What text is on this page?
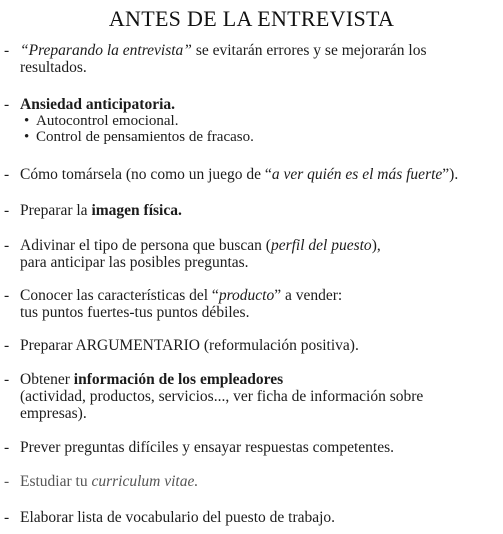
ANTES DE LA ENTREVISTA
- “Preparando la entrevista” se evitarán errores y se mejorarán los
resultados.
- Ansiedad anticipatoria.
• Autocontrol emocional.
• Control de pensamientos de fracaso.
- Cómo tomársela (no como un juego de “a ver quién es el más fuerte”).
- Preparar la imagen física.
- Adivinar el tipo de persona que buscan (perfil del puesto),
para anticipar las posibles preguntas.
- Conocer las características del “producto” a vender:
tus puntos fuertes-tus puntos débiles.
- Preparar ARGUMENTARIO (reformulación positiva).
- Obtener información de los empleadores
(actividad, productos, servicios..., ver ficha de información sobre
empresas).
- Prever preguntas difíciles y ensayar respuestas competentes.
- Estudiar tu curriculum vitae.
- Elaborar lista de vocabulario del puesto de trabajo.
